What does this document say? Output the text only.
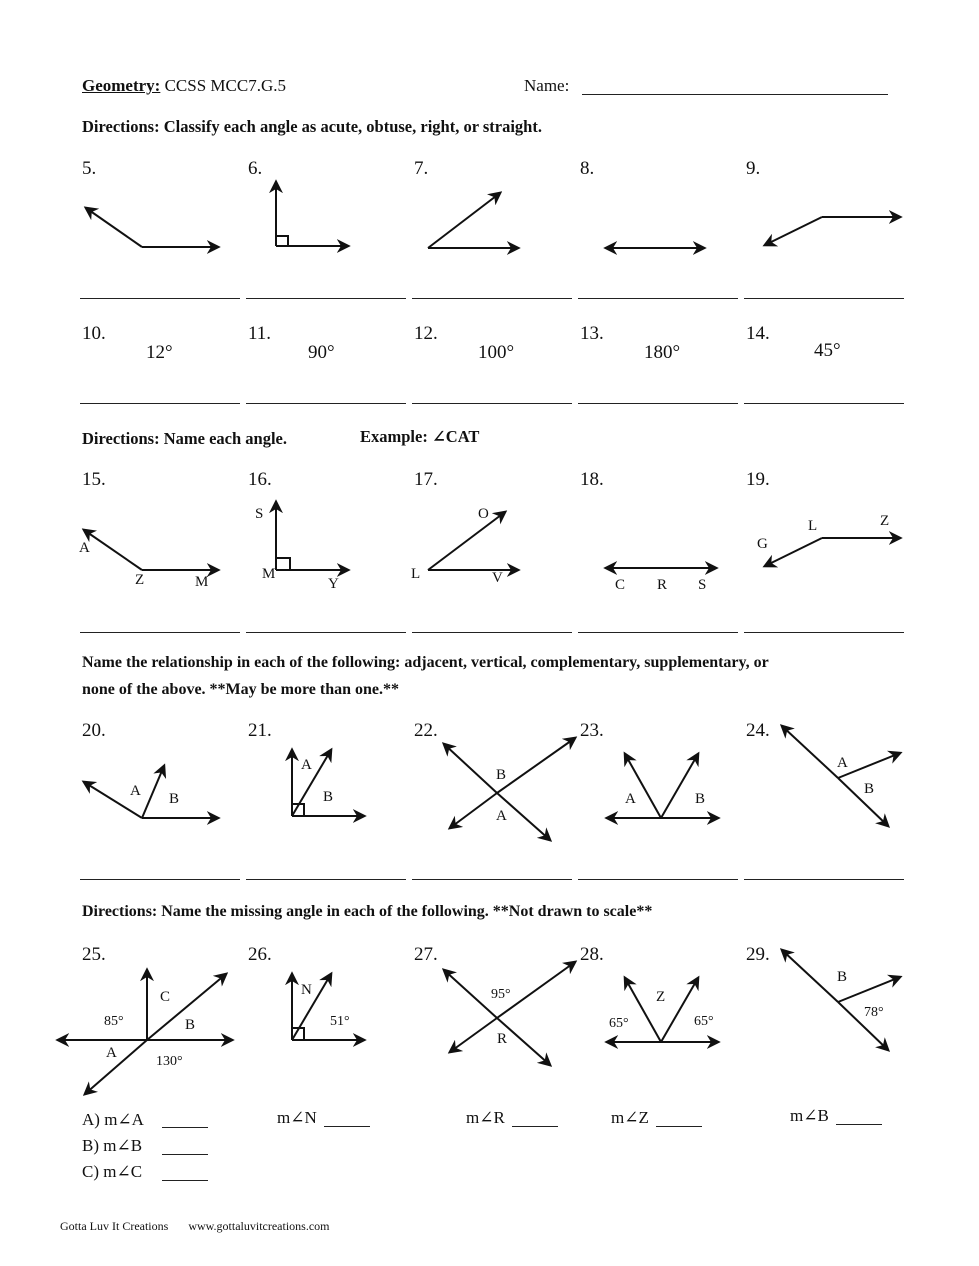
Geometry: CCSS MCC7.G.5	Name:
Directions: Classify each angle as acute, obtuse, right, or straight.
5.	6.	7.	8.	9.
10.	11.	12.	13.	14.
12°	90°	100°	180°	45°
Directions: Name each angle.	Example: ∠CAT
15.	16.	17.	18.	19.
A
Z	M
S
M
Y
O
L	V	C R S
G
L	Z
Name the relationship in each of the following: adjacent, vertical, complementary, supplementary, or
none of the above. **May be more than one.**
20.	21.	22.	23.	24.
A B
A
B
B
A
A	B
A
B
Directions: Name the missing angle in each of the following. **Not drawn to scale**
25.	26.	27.	28.	29.
C
85°	B
A
130°
N
51°
95°
R
Z
65°	65°
B
78°
A) m∠A
B) m∠B
C) m∠C
m∠N	m∠R	m∠Z	m∠B
Gotta Luv It Creations www.gottaluvitcreations.com
